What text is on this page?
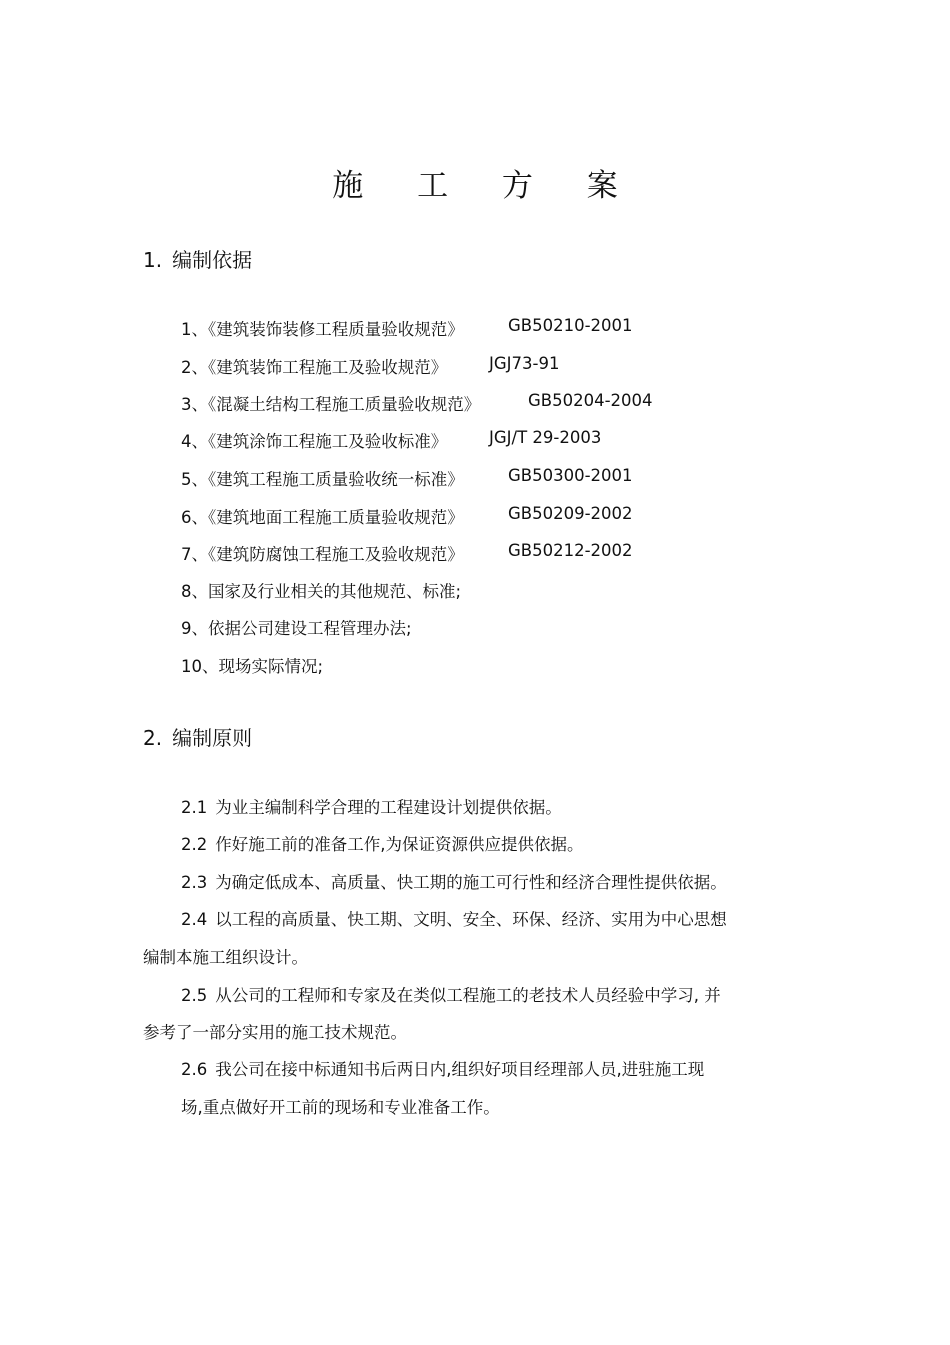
施 工 方 案
1. 编制依据
1、《建筑装饰装修工程质量验收规范》	GB50210-2001
2、《建筑装饰工程施工及验收规范》	JGJ73-91
3、《混凝土结构工程施工质量验收规范》	GB50204-2004
4、《建筑涂饰工程施工及验收标准》	JGJ/T 29-2003
5、《建筑工程施工质量验收统一标准》	GB50300-2001
6、《建筑地面工程施工质量验收规范》	GB50209-2002
7、《建筑防腐蚀工程施工及验收规范》	GB50212-2002
8、国家及行业相关的其他规范、标准;
9、依据公司建设工程管理办法;
10、现场实际情况;
2. 编制原则
2.1 为业主编制科学合理的工程建设计划提供依据。
2.2 作好施工前的准备工作,为保证资源供应提供依据。
2.3 为确定低成本、高质量、快工期的施工可行性和经济合理性提供依据。
2.4 以工程的高质量、快工期、文明、安全、环保、经济、实用为中心思想
编制本施工组织设计。
2.5 从公司的工程师和专家及在类似工程施工的老技术人员经验中学习, 并
参考了一部分实用的施工技术规范。
2.6 我公司在接中标通知书后两日内,组织好项目经理部人员,进驻施工现
场,重点做好开工前的现场和专业准备工作。
